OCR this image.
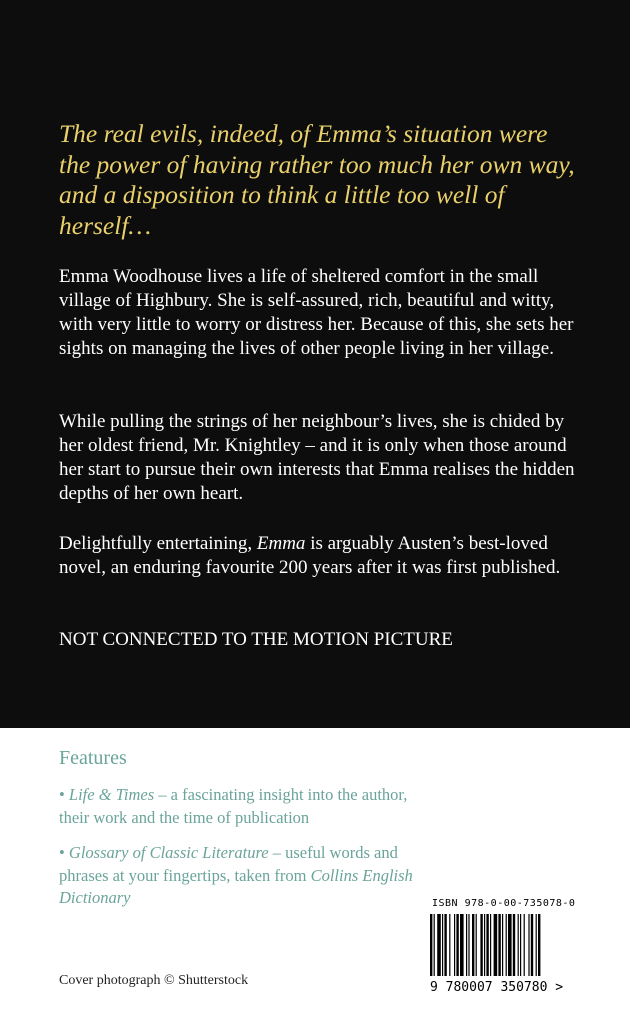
The real evils, indeed, of Emma’s situation were the power of having rather too much her own way, and a disposition to think a little too well of herself…
Emma Woodhouse lives a life of sheltered comfort in the small village of Highbury. She is self-assured, rich, beautiful and witty, with very little to worry or distress her. Because of this, she sets her sights on managing the lives of other people living in her village.
While pulling the strings of her neighbour’s lives, she is chided by her oldest friend, Mr. Knightley – and it is only when those around her start to pursue their own interests that Emma realises the hidden depths of her own heart.
Delightfully entertaining, Emma is arguably Austen’s best-loved novel, an enduring favourite 200 years after it was first published.
NOT CONNECTED TO THE MOTION PICTURE
Features
• Life & Times – a fascinating insight into the author, their work and the time of publication
• Glossary of Classic Literature – useful words and phrases at your fingertips, taken from Collins English Dictionary
Cover photograph © Shutterstock
ISBN 978-0-00-735078-0
9 780007 350780 >
